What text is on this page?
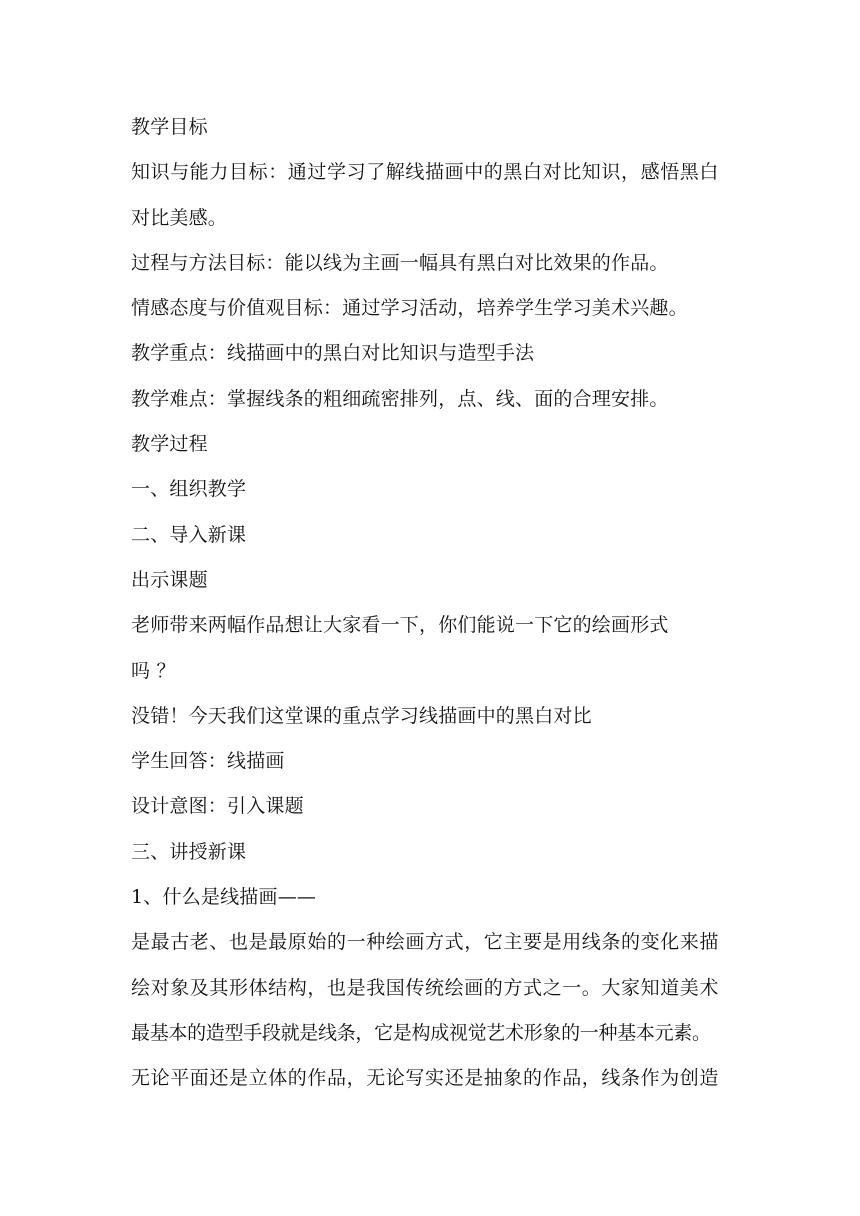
教学目标
知识与能力目标：通过学习了解线描画中的黑白对比知识，感悟黑白
对比美感。
过程与方法目标：能以线为主画一幅具有黑白对比效果的作品。
情感态度与价值观目标：通过学习活动，培养学生学习美术兴趣。
教学重点：线描画中的黑白对比知识与造型手法
教学难点：掌握线条的粗细疏密排列，点、线、面的合理安排。
教学过程
一、组织教学
二、导入新课
出示课题
老师带来两幅作品想让大家看一下，你们能说一下它的绘画形式
吗 ？
没错！今天我们这堂课的重点学习线描画中的黑白对比
学生回答：线描画
设计意图：引入课题
三、讲授新课
1、什么是线描画——
是最古老、也是最原始的一种绘画方式，它主要是用线条的变化来描
绘对象及其形体结构，也是我国传统绘画的方式之一。大家知道美术
最基本的造型手段就是线条，它是构成视觉艺术形象的一种基本元素。
无论平面还是立体的作品，无论写实还是抽象的作品，线条作为创造
